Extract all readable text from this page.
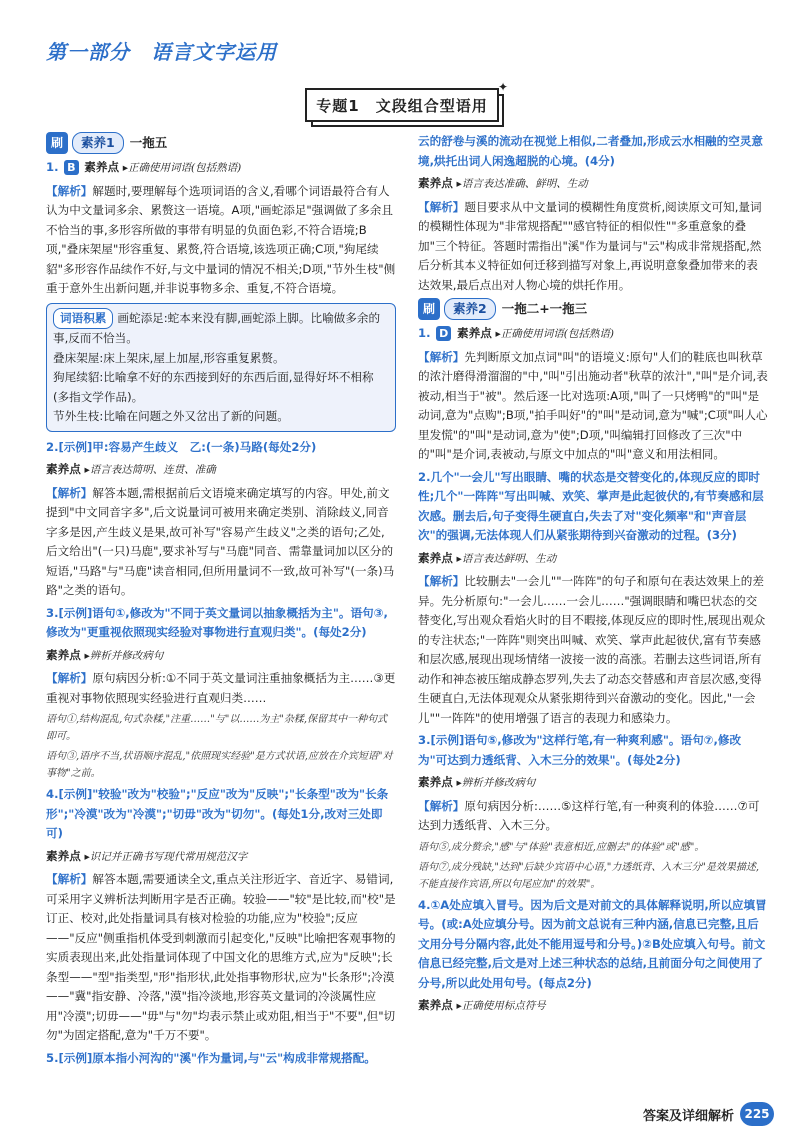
第一部分　语言文字运用
专题1　文段组合型语用
✦
刷	素养1	一拖五

1. B 素养点 ▸正确使用词语(包括熟语)

【解析】解题时,要理解每个选项词语的含义,看哪个词语最符合有人认为中文量词多余、累赘这一语境。A项,"画蛇添足"强调做了多余且不恰当的事,多形容所做的事带有明显的负面色彩,不符合语境;B项,"叠床架屋"形容重复、累赘,符合语境,该选项正确;C项,"狗尾续貂"多形容作品续作不好,与文中量词的情况不相关;D项,"节外生枝"侧重于意外生出新问题,并非说事物多余、重复,不符合语境。

词语积累 画蛇添足:蛇本来没有脚,画蛇添上脚。比喻做多余的事,反而不恰当。

叠床架屋:床上架床,屋上加屋,形容重复累赘。

狗尾续貂:比喻拿不好的东西接到好的东西后面,显得好坏不相称(多指文学作品)。

节外生枝:比喻在问题之外又岔出了新的问题。

2.[示例]甲:容易产生歧义　乙:(一条)马路(每处2分)

素养点 ▸语言表达简明、连贯、准确

【解析】解答本题,需根据前后文语境来确定填写的内容。甲处,前文提到"中文同音字多",后文说量词可被用来确定类别、消除歧义,同音字多是因,产生歧义是果,故可补写"容易产生歧义"之类的语句;乙处,后文给出"(一只)马鹿",要求补写与"马鹿"同音、需靠量词加以区分的短语,"马路"与"马鹿"读音相同,但所用量词不一致,故可补写"(一条)马路"之类的语句。

3.[示例]语句①,修改为"不同于英文量词以抽象概括为主"。语句③,修改为"更重视依照现实经验对事物进行直观归类"。(每处2分)

素养点 ▸辨析并修改病句

【解析】原句病因分析:①不同于英文量词注重抽象概括为主……③更重视对事物依照现实经验进行直观归类……

语句①,结构混乱,句式杂糅,"注重……"与"以……为主"杂糅,保留其中一种句式即可。

语句③,语序不当,状语顺序混乱,"依照现实经验"是方式状语,应放在介宾短语"对事物"之前。

4.[示例]"较验"改为"校验";"反应"改为"反映";"长条型"改为"长条形";"冷漠"改为"冷漠";"切毋"改为"切勿"。(每处1分,改对三处即可)

素养点 ▸识记并正确书写现代常用规范汉字

【解析】解答本题,需要通读全文,重点关注形近字、音近字、易错词,可采用字义辨析法判断用字是否正确。较验——"较"是比较,而"校"是订正、校对,此处指量词具有核对检验的功能,应为"校验";反应——"反应"侧重指机体受到刺激而引起变化,"反映"比喻把客观事物的实质表现出来,此处指量词体现了中国文化的思维方式,应为"反映";长条型——"型"指类型,"形"指形状,此处指事物形状,应为"长条形";冷漠——"冀"指安静、冷落,"漠"指冷淡地,形容英文量词的冷淡属性应用"冷漠";切毋——"毋"与"勿"均表示禁止或劝阻,相当于"不要",但"切勿"为固定搭配,意为"千万不要"。

5.[示例]原本指小河沟的"溪"作为量词,与"云"构成非常规搭配。

云的舒卷与溪的流动在视觉上相似,二者叠加,形成云水相融的空灵意境,烘托出词人闲逸超脱的心境。(4分)

素养点 ▸语言表达准确、鲜明、生动

【解析】题目要求从中文量词的模糊性角度赏析,阅读原文可知,量词的模糊性体现为"非常规搭配""感官特征的相似性""多重意象的叠加"三个特征。答题时需指出"溪"作为量词与"云"构成非常规搭配,然后分析其本义特征如何迁移到描写对象上,再说明意象叠加带来的表达效果,最后点出对人物心境的烘托作用。

刷	素养2	一拖二+一拖三

1. D 素养点 ▸正确使用词语(包括熟语)

【解析】先判断原文加点词"叫"的语境义:原句"人们的鞋底也叫秋草的浓汁磨得滑溜溜的"中,"叫"引出施动者"秋草的浓汁","叫"是介词,表被动,相当于"被"。然后逐一比对选项:A项,"叫了一只烤鸭"的"叫"是动词,意为"点购";B项,"拍手叫好"的"叫"是动词,意为"喊";C项"叫人心里发慌"的"叫"是动词,意为"使";D项,"叫编辑打回修改了三次"中的"叫"是介词,表被动,与原文中加点的"叫"意义和用法相同。

2.几个"一会儿"写出眼睛、嘴的状态是交替变化的,体现反应的即时性;几个"一阵阵"写出叫喊、欢笑、掌声是此起彼伏的,有节奏感和层次感。删去后,句子变得生硬直白,失去了对"变化频率"和"声音层次"的强调,无法体现人们从紧张期待到兴奋激动的过程。(3分)

素养点 ▸语言表达鲜明、生动

【解析】比较删去"一会儿""一阵阵"的句子和原句在表达效果上的差异。先分析原句:"一会儿……一会儿……"强调眼睛和嘴巴状态的交替变化,写出观众看焰火时的目不暇接,体现反应的即时性,展现出观众的专注状态;"一阵阵"则突出叫喊、欢笑、掌声此起彼伏,富有节奏感和层次感,展现出现场情绪一波接一波的高涨。若删去这些词语,所有动作和神态被压缩成静态罗列,失去了动态交替感和声音层次感,变得生硬直白,无法体现观众从紧张期待到兴奋激动的变化。因此,"一会儿""一阵阵"的使用增强了语言的表现力和感染力。

3.[示例]语句⑤,修改为"这样行笔,有一种爽利感"。语句⑦,修改为"可达到力透纸背、入木三分的效果"。(每处2分)

素养点 ▸辨析并修改病句

【解析】原句病因分析:……⑤这样行笔,有一种爽利的体验……⑦可达到力透纸背、入木三分。

语句⑤,成分赘余,"感"与"体验"表意相近,应删去"的体验"或"感"。

语句⑦,成分残缺,"达到"后缺少宾语中心语,"力透纸背、入木三分"是效果描述,不能直接作宾语,所以句尾应加"的效果"。

4.①A处应填入冒号。因为后文是对前文的具体解释说明,所以应填冒号。(或:A处应填分号。因为前文总说有三种内涵,信息已完整,且后文用分号分隔内容,此处不能用逗号和分号。)②B处应填入句号。前文信息已经完整,后文是对上述三种状态的总结,且前面分句之间使用了分号,所以此处用句号。(每点2分)

素养点 ▸正确使用标点符号

答案及详细解析 225
